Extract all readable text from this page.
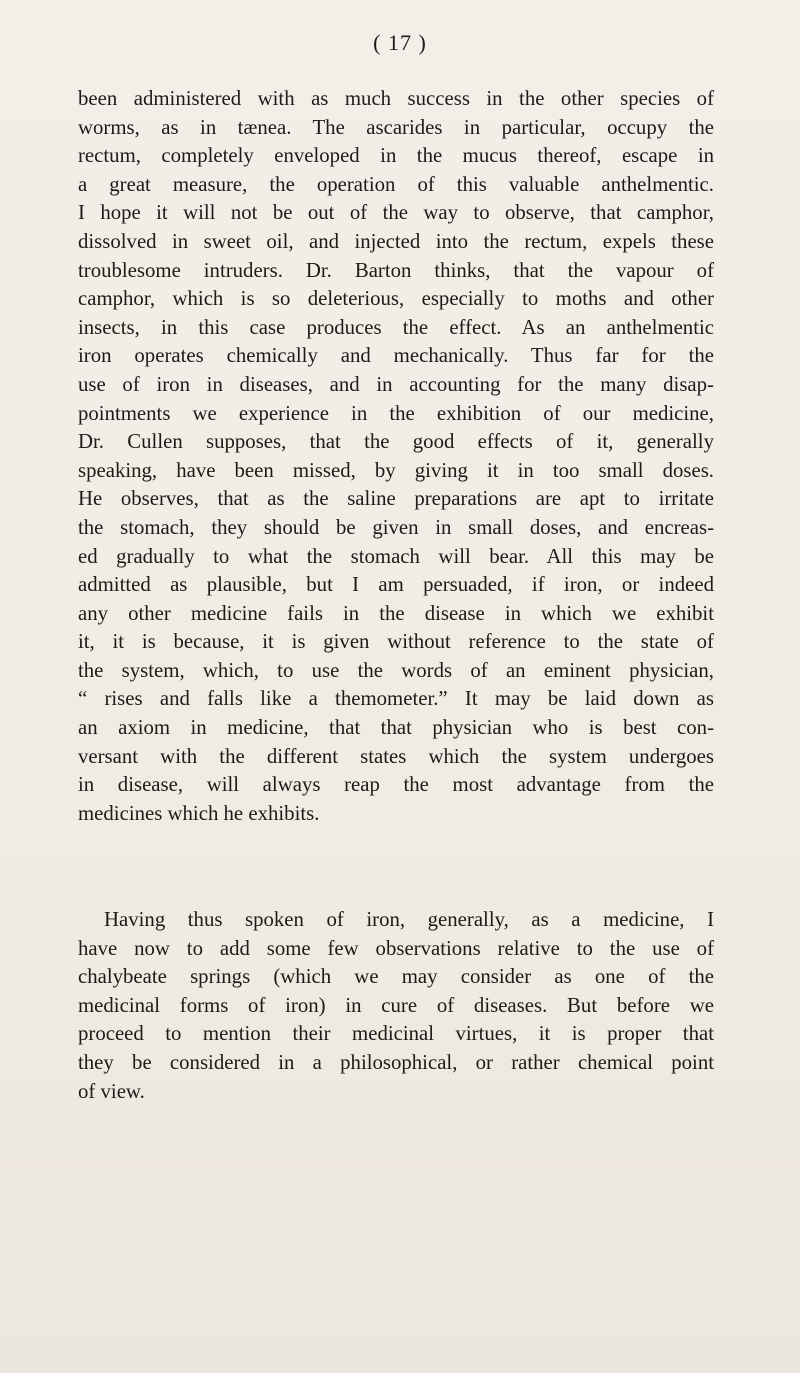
( 17 )
been administered with as much success in the other species of
worms, as in tænea. The ascarides in particular, occupy the
rectum, completely enveloped in the mucus thereof, escape in
a great measure, the operation of this valuable anthelmentic.
I hope it will not be out of the way to observe, that camphor,
dissolved in sweet oil, and injected into the rectum, expels these
troublesome intruders. Dr. Barton thinks, that the vapour of
camphor, which is so deleterious, especially to moths and other
insects, in this case produces the effect. As an anthelmentic
iron operates chemically and mechanically. Thus far for the
use of iron in diseases, and in accounting for the many disap-
pointments we experience in the exhibition of our medicine,
Dr. Cullen supposes, that the good effects of it, generally
speaking, have been missed, by giving it in too small doses.
He observes, that as the saline preparations are apt to irritate
the stomach, they should be given in small doses, and encreas-
ed gradually to what the stomach will bear. All this may be
admitted as plausible, but I am persuaded, if iron, or indeed
any other medicine fails in the disease in which we exhibit
it, it is because, it is given without reference to the state of
the system, which, to use the words of an eminent physician,
“ rises and falls like a themometer.” It may be laid down as
an axiom in medicine, that that physician who is best con-
versant with the different states which the system undergoes
in disease, will always reap the most advantage from the
medicines which he exhibits.
Having thus spoken of iron, generally, as a medicine, I
have now to add some few observations relative to the use of
chalybeate springs (which we may consider as one of the
medicinal forms of iron) in cure of diseases. But before we
proceed to mention their medicinal virtues, it is proper that
they be considered in a philosophical, or rather chemical point
of view.
